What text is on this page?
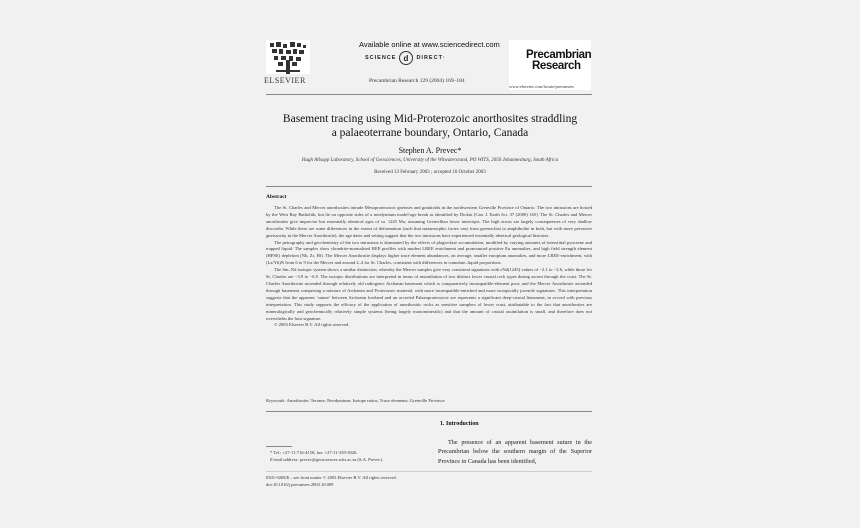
ELSEVIER
Available online at www.sciencedirect.com
SCIENCE d	DIRECT·
Precambrian Research 129 (2004) 169–184
Precambrian
Research
www.elsevier.com/locate/precamres
Basement tracing using Mid-Proterozoic anorthosites straddling
a palaeoterrane boundary, Ontario, Canada
Stephen A. Prevec*
Hugh Allsopp Laboratory, School of Geosciences, University of the Witwatersrand, PO WITS, 2050 Johannesburg, South Africa
Received 13 February 2003 ; accepted 16 October 2003
Abstract

The St. Charles and Mercer anorthosites intrude Mesoproterozoic gneisses and granitoids in the northwestern Grenville Province of Ontario. The two intrusions are hosted by the West Bay Batholith, but lie on opposite sides of a neodymium model-age break as identified by Dickin [Can. J. Earth Sci. 37 (2000) 165]. The St. Charles and Mercer anorthosites give imprecise but essentially identical ages of ca. 1245 Ma, assuming Grenvillian lower intercepts. The high errors are largely consequences of very shallow discordia. While there are some differences in the extent of deformation (such that metamorphic facies vary from greenschist to amphibolite in both, but with more pervasive gneissosity in the Mercer Anorthosite), the age dates and setting suggest that the two intrusions have experienced essentially identical geological histories.

The petrography and geochemistry of the two intrusions is dominated by the effects of plagioclase accumulation, modified by varying amounts of interstitial pyroxene and trapped liquid. The samples show chondrite-normalised REE profiles with modest LREE enrichment and pronounced positive Eu anomalies, and high field strength element (HFSE) depletion (Nb, Zr, Hf). The Mercer Anorthosite displays higher trace element abundances, on average, smaller europium anomalies, and more LREE-enrichment, with (La/Yb)N from 6 to 9 for the Mercer and around 2–4 for St. Charles, consistent with differences in cumulate–liquid proportions.

The Sm–Nd isotopic system shows a similar distinction, whereby the Mercer samples give very consistent signatures with εNd(1245) values of −2.1 to −2.6, while those for St. Charles are −3.9 to −6.5. The isotopic distributions are interpreted in terms of assimilation of two distinct lower crustal rock types during ascent through the crust. The St. Charles Anorthosite ascended through relatively old radiogenic Archaean basement which is comparatively incompatible-element poor, and the Mercer Anorthosite ascended through basement comprising a mixture of Archaean and Proterozoic material, with more incompatible-enriched and more isotopically juvenile signatures. This interpretation suggests that the apparent ‘suture’ between Archaean foreland and an accreted Palaeoproterozoic are represents a significant deep-crustal lineament, in accord with previous interpretation. This study supports the efficacy of the application of anorthositic rocks as sensitive samplers of lower crust, attributable to the fact that anorthosites are mineralogically and geochemically relatively simple systems (being largely monomineralic) and that the amount of crustal assimilation is small, and therefore does not overwhelm the host signature.

© 2003 Elsevier B.V. All rights reserved.
Keywords: Anorthosite; Terrane; Neodymium; Isotope ratios; Trace elements; Grenville Province
1. Introduction

The presence of an apparent basement suture in the Precambrian below the southern margin of the Superior Province in Canada has been identified,

* Tel.: +27-11-716-4150; fax: +27-11-339-3026.
E-mail address: prevec@geosciences.wits.ac.za (S.A. Prevec).
0301-9268/$ – see front matter © 2003 Elsevier B.V. All rights reserved.
doi:10.1016/j.precamres.2003.10.009
